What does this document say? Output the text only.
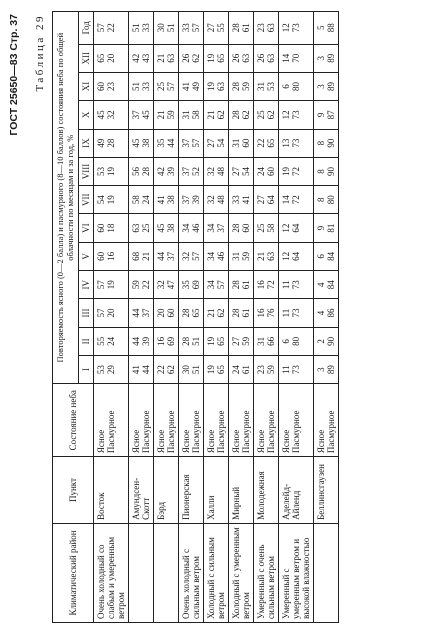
ГОСТ 25650—83 Стр. 37 Таблица 29
Климатический район	Пункт	Состояние неба	Повторяемость ясного (0—2 балла) и пасмурного (8—10 баллов) состояния неба по общей облачности по месяцам и за год, %												
			I	II	III	IV	V	VI	VII	VIII	IX	X	XI	XII	Год
Очень холодный со слабым и умеренным ветром	Восток	Ясное Пасмурное	53 29	55 24	57 20	57 19	60 16	60 18	54 19	53 19	49 28	45 32	60 23	65 20	57 22

	Амундсен-Скотт	Ясное Пасмурное	41 44	44 39	44 37	59 22	68 21	63 25	58 24	56 28	45 38	37 45	51 33	42 43	51 33

	Бэрд	Ясное Пасмурное	22 62	16 69	20 60	32 47	44 37	45 38	41 38	42 39	35 44	21 59	25 57	21 63	30 51

Очень холодный с сильным ветром	Пионерская	Ясное Пасмурное	30 51	28 51	28 65	35 69	32 57	34 46	37 39	37 52	37 57	31 58	41 49	26 62	33 57

Холодный с сильным ветром	Халли	Ясное Пасмурное	19 65	19 65	21 62	34 57	34 46	34 37	32 48	32 48	27 54	21 62	19 63	19 65	27 55

Холодный с умеренным ветром	Мирный	Ясное Пасмурное	24 61	27 59	28 61	28 61	31 59	28 60	33 41	27 54	31 60	28 62	28 59	26 63	28 61

Умеренный с очень сильным ветром	Молодежная	Ясное Пасмурное	23 59	31 66	16 76	16 72	21 63	25 58	27 64	24 60	22 65	25 62	31 53	26 63	23 63

Умеренный с умеренным ветром и высокой влажностью	Аделейд-Айленд	Ясное Пасмурное	11 73	6 80	11 73	11 73	12 64	12 64	14 72	19 72	13 73	12 73	6 80	14 70	12 73

	Беллинсгаузен	Ясное Пасмурное	3 89	2 90	4 86	4 84	6 84	9 81	8 80	8 90	8 90	9 87	3 89	3 89	5 88
